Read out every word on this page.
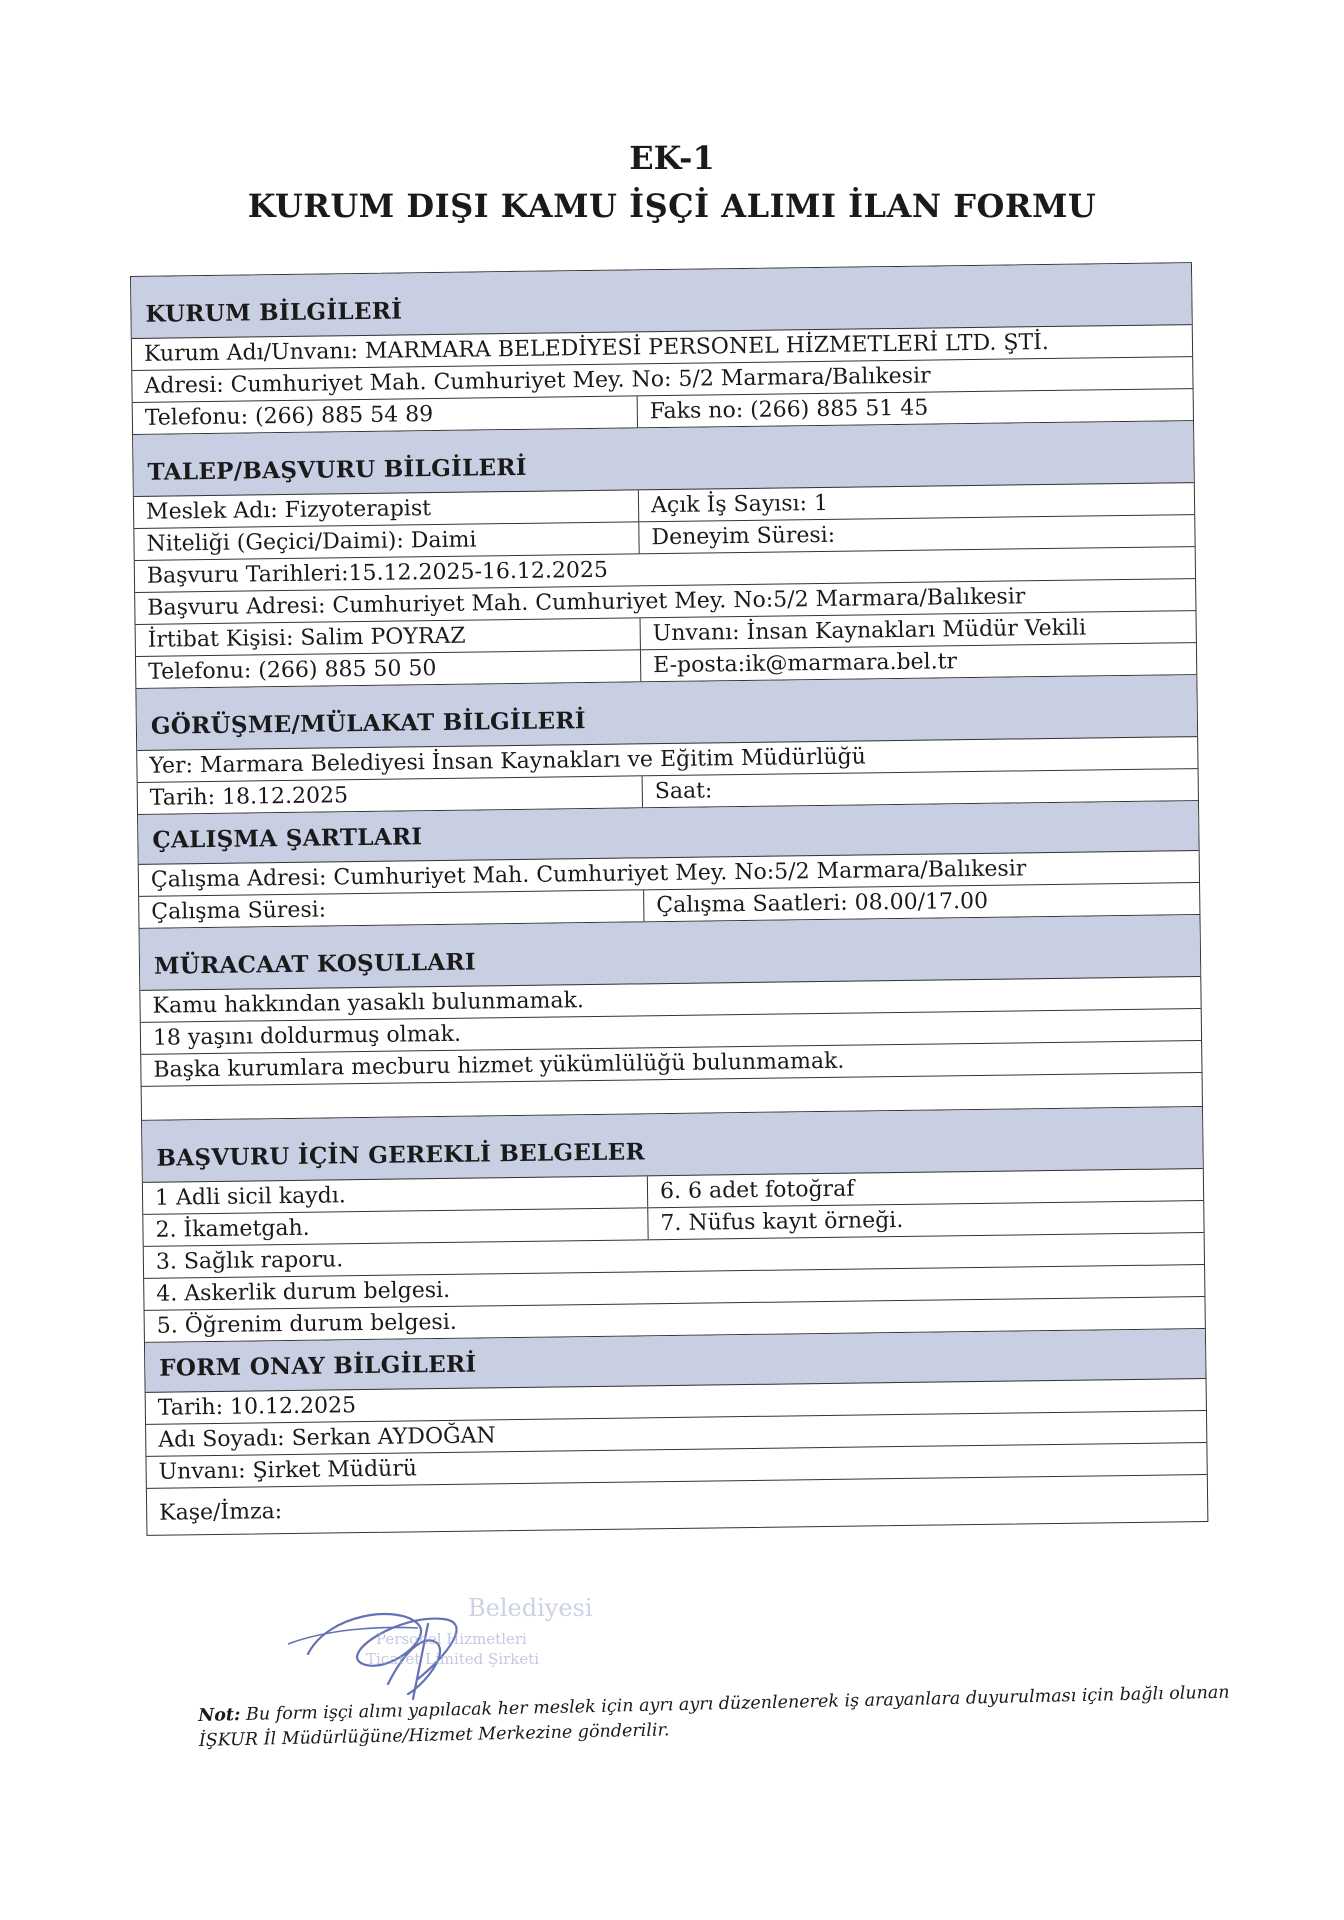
EK-1
KURUM DIŞI KAMU İŞÇİ ALIMI İLAN FORMU
KURUM BİLGİLERİ
Kurum Adı/Unvanı: MARMARA BELEDİYESİ PERSONEL HİZMETLERİ LTD. ŞTİ.
Adresi: Cumhuriyet Mah. Cumhuriyet Mey. No: 5/2 Marmara/Balıkesir
Telefonu: (266) 885 54 89	Faks no: (266) 885 51 45
TALEP/BAŞVURU BİLGİLERİ
Meslek Adı: Fizyoterapist	Açık İş Sayısı: 1
Niteliği (Geçici/Daimi): Daimi	Deneyim Süresi:
Başvuru Tarihleri:15.12.2025-16.12.2025
Başvuru Adresi: Cumhuriyet Mah. Cumhuriyet Mey. No:5/2 Marmara/Balıkesir
İrtibat Kişisi: Salim POYRAZ	Unvanı: İnsan Kaynakları Müdür Vekili
Telefonu: (266) 885 50 50	E-posta:ik@marmara.bel.tr
GÖRÜŞME/MÜLAKAT BİLGİLERİ
Yer: Marmara Belediyesi İnsan Kaynakları ve Eğitim Müdürlüğü
Tarih: 18.12.2025	Saat:
ÇALIŞMA ŞARTLARI
Çalışma Adresi: Cumhuriyet Mah. Cumhuriyet Mey. No:5/2 Marmara/Balıkesir
Çalışma Süresi:	Çalışma Saatleri: 08.00/17.00
MÜRACAAT KOŞULLARI
Kamu hakkından yasaklı bulunmamak.
18 yaşını doldurmuş olmak.
Başka kurumlara mecburu hizmet yükümlülüğü bulunmamak.
BAŞVURU İÇİN GEREKLİ BELGELER
1 Adli sicil kaydı.	6. 6 adet fotoğraf
2. İkametgah.	7. Nüfus kayıt örneği.
3. Sağlık raporu.
4. Askerlik durum belgesi.
5. Öğrenim durum belgesi.
FORM ONAY BİLGİLERİ
Tarih: 10.12.2025
Adı Soyadı: Serkan AYDOĞAN
Unvanı: Şirket Müdürü
Kaşe/İmza:
Belediyesi
Personel Hizmetleri
Ticaret Limited Şirketi
Not: Bu form işçi alımı yapılacak her meslek için ayrı ayrı düzenlenerek iş arayanlara duyurulması için bağlı olunan İŞKUR İl Müdürlüğüne/Hizmet Merkezine gönderilir.
